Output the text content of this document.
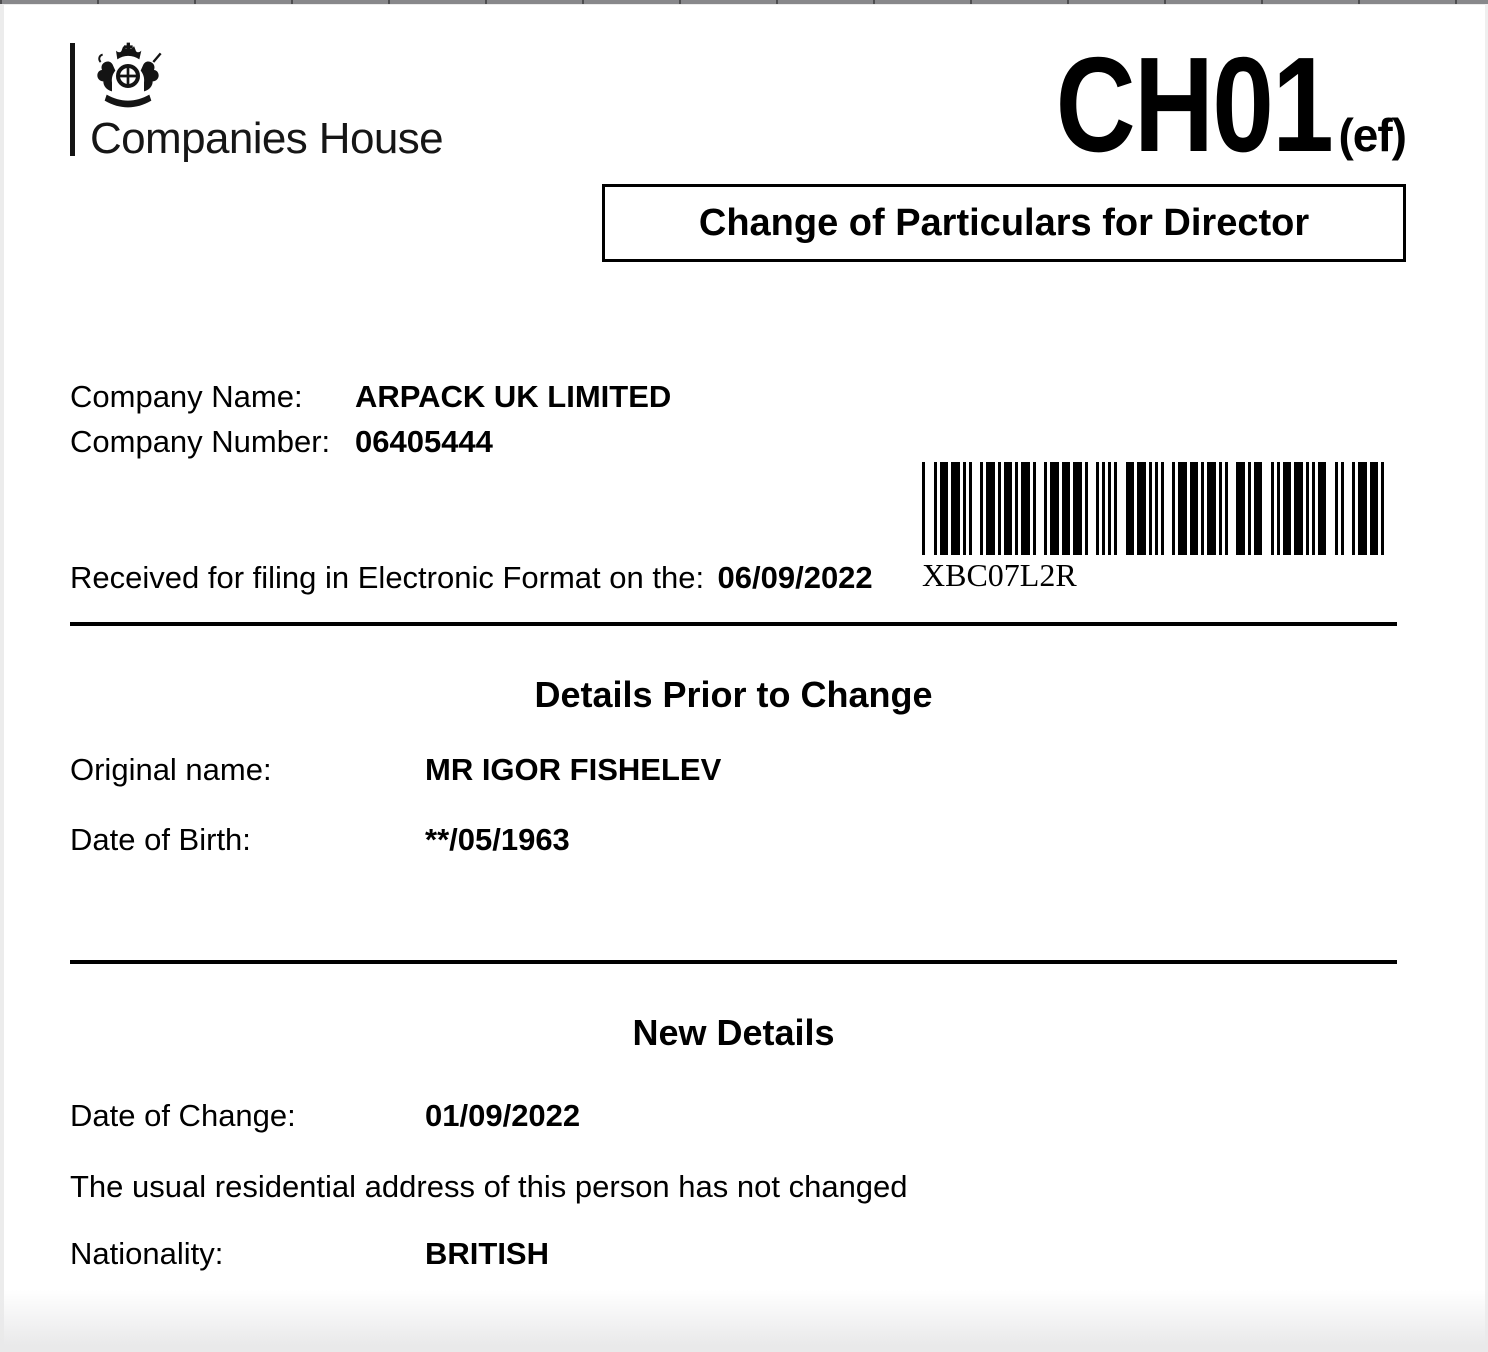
Companies House	CH01 (ef)
Change of Particulars for Director
Company Name: ARPACK UK LIMITED
Company Number: 06405444
XBC07L2R
Received for filing in Electronic Format on the: 06/09/2022
Details Prior to Change
Original name:	MR IGOR FISHELEV
Date of Birth:	**/05/1963
New Details
Date of Change:	01/09/2022
The usual residential address of this person has not changed
Nationality:	BRITISH
